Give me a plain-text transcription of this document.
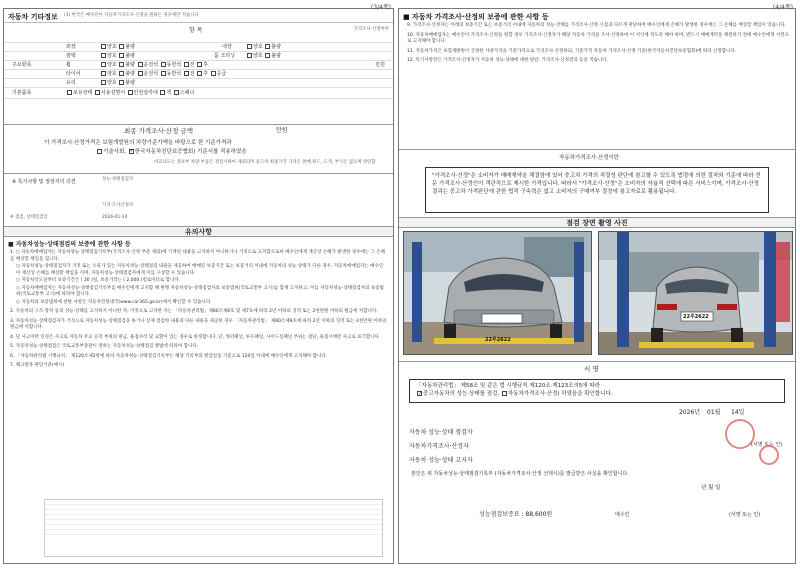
(3/4쪽)
자동차 기타정보 (1) 한국은 매수인이 자동차가격조사·산정을 원하는 경우에만 적습니다
항 목	가격조사·산정여부
외장	양호 불량	내장	양호 불량
광택	양호 불량	룸 크리닝	양호 불량
주요항목	휠	양호 불량 운전석 동반석 전 후	만원
타이어	양호 불량 운전석 동반석 전 후 응급
유리	양호 불량
기본품목	보유상태 사용설명서 안전삼각대 잭 스패너
최종 가격조사·산정 금액	만원
이 가격조사·산정가격은 보험개발원의 차량기준가액을 바탕으로 한 기준가격과
기술사회, ✓ 한국자동차진단보증협회) 기준서를 적용하였음
비교표도는 정보부 차량 부품은 정검사하여 제외되며 중고차 최종가격 가격은 판매 원드, 도색, 부식은 없으며 판단함
※ 특기사항 및 점검자의 의견	성능·상태점검자
가격·조사산정자
※ 점검, 상태점검일	2026-01-14
유의사항
■ 자동차성능·상태점검의 보증에 관한 사항 등

1. ○ 자동차매매업자는 자동차성능·상태점검기록부(가격조사·산정 부분 제외)에 기재된 내용을 고지하지 아니하거나 거짓으로 고지함으로써 매수인에게 재산상 손해가 발생한 경우에는 그 손해를 배상할 책임을 집니다.

○ 자동차성능·상태점검자가 거짓 또는 오류가 있는 자동차성능·상태점검 내용을 제공하여 매매된 보증기간 또는 보증거리 이내에 자동차의 성능·상태가 다른 경우, 자동차매매업자는 매수인이 재산상 손해를 배상할 책임을 지며, 자동차성능·상태점검자에게 이를 구상할 수 있습니다.

○ 자동차인도일부터 보증기간은 ( 30 )일, 보증거리는 ( 2,000 )킬로미터로 합니다.

○ 자동차매매업자는 자동차성능·상태점검기록부를 매수인에게 고지할 때 현행 자동차성능·상태점검자의 보증범위(국토교통부 고시)를 함께 고지하고, 이를 자동차성능·상태점검자의 보증범위(국토교통부 고시)에 따라야 합니다.

○ 자동차의 보증범위에 관한 사항은 자동차민원대국(www.car365.go.kr)에서 확인할 수 있습니다.

2. 자동차의 구조·장치 등의 성능·상태를 고지하지 아니한 자, 거짓으로 고지한 자는 「자동차관리법」제80조제6호 및 제7호에 따라 2년 이하의 징역 또는 2천만원 이하의 벌금에 처합니다.

3. 자동차성능·상태점검자가 거짓으로 자동차성능·상태점검을 하거나 실제 점검한 내용과 다른 내용을 제공한 경우 「자동차관리법」 제80조제9호에 따라 2년 이하의 징역 또는 2천만원 이하의 벌금에 처합니다.

4. 단 사고이력 인정은 사고로 자동차 주요 골격 부위의 판금, 용접수리 및 교환이 있는 경우로 한정합니다. 단, 쿼터패널, 루프패널, 사이드실패널 부위는 절단, 용접시에만 사고로 표기합니다.

5. 자동차성능·상태점검은 국토교통부장관이 정하는 자동차성능·상태점검 방법에 따라야 합니다.

6. 「자동차관리법 시행규칙」 제120조제2항에 따라 자동차성능·상태점검기록부는 해당 기록부의 발급일을 기준으로 120일 이내에 매수인에게 고지해야 합니다.

7. 체크항목 판단기준(예시)

(4/4쪽)
■ 자동차 가격조사·산정의 보증에 관한 사항 등

9. 가격조사·산정자는 아래의 보증기간 또는 보증거리 이내에 자동차의 성능·상태를 가격조사·산정 시점과 다르게 판단하여 매수인에게 손해가 발생한 경우에는 그 손해를 배상할 책임이 있습니다.

10. 자동차매매업자는 매수인이 가격조사·산정을 원할 경우 가격조사·산정자가 해당 자동차 가격을 조사·산정하여 이 서식에 적도록 해야 하며, 반드시 매매계약을 체결하기 전에 매수인에게 서면으로 고지해야 합니다.

11. 자동차가격은 보험개발원이 산정한 사양가격을 기준가격으로 가격조사·산정하되, 기준가격 자동차 가격조사·산정 기준(한국자동차진단보증협회)에 따라 산정합니다.

12. 특기사항란은 가격조사·산정자가 자동차 성능·상태에 대한 판단, 가격조사·산정결과 등을 적습니다.

자동차가격조사·산정이란
"가격조사·산정"은 소비자가 매매계약을 체결함에 있어 중고차 가격의 적절성 판단에 참고할 수 있도록 법령에 의한 절차와 기준에 따라 전문 가격조사·산정인이 객관적으로 제시한 가격입니다. 따라서 "가격조사·산정"은 소비자의 자율적 선택에 따른 서비스이며, 가격조사·산정 결과는 중고차 가격판단에 관한 법적 구속력은 없고 소비자의 구매여부 결정에 참고자료로 활용됩니다.
점검 장면 촬영 사진
22루2622
22루2622
서 명
「자동차관리법」 제58조 및 같은 법 시행규칙 제120조·제123조의5에 따라
✓중고자동차의 성능·상태를 점검, 자동차가격조사·산정) 하였음을 확인합니다.
2026년 01월 14일
자동차 성능·상태 점검자
자동차가격조사·산정자
자동차 성능·상태 고지자
(서명 또는 인)
본인은 위 자동차성능·상태점검기록부 (자동차가격조사·산정 선택시)를 발급받은 사실을 확인합니다.
년 월 일
성능점검보증료 : 88,600원	매수인	(서명 또는 인)
